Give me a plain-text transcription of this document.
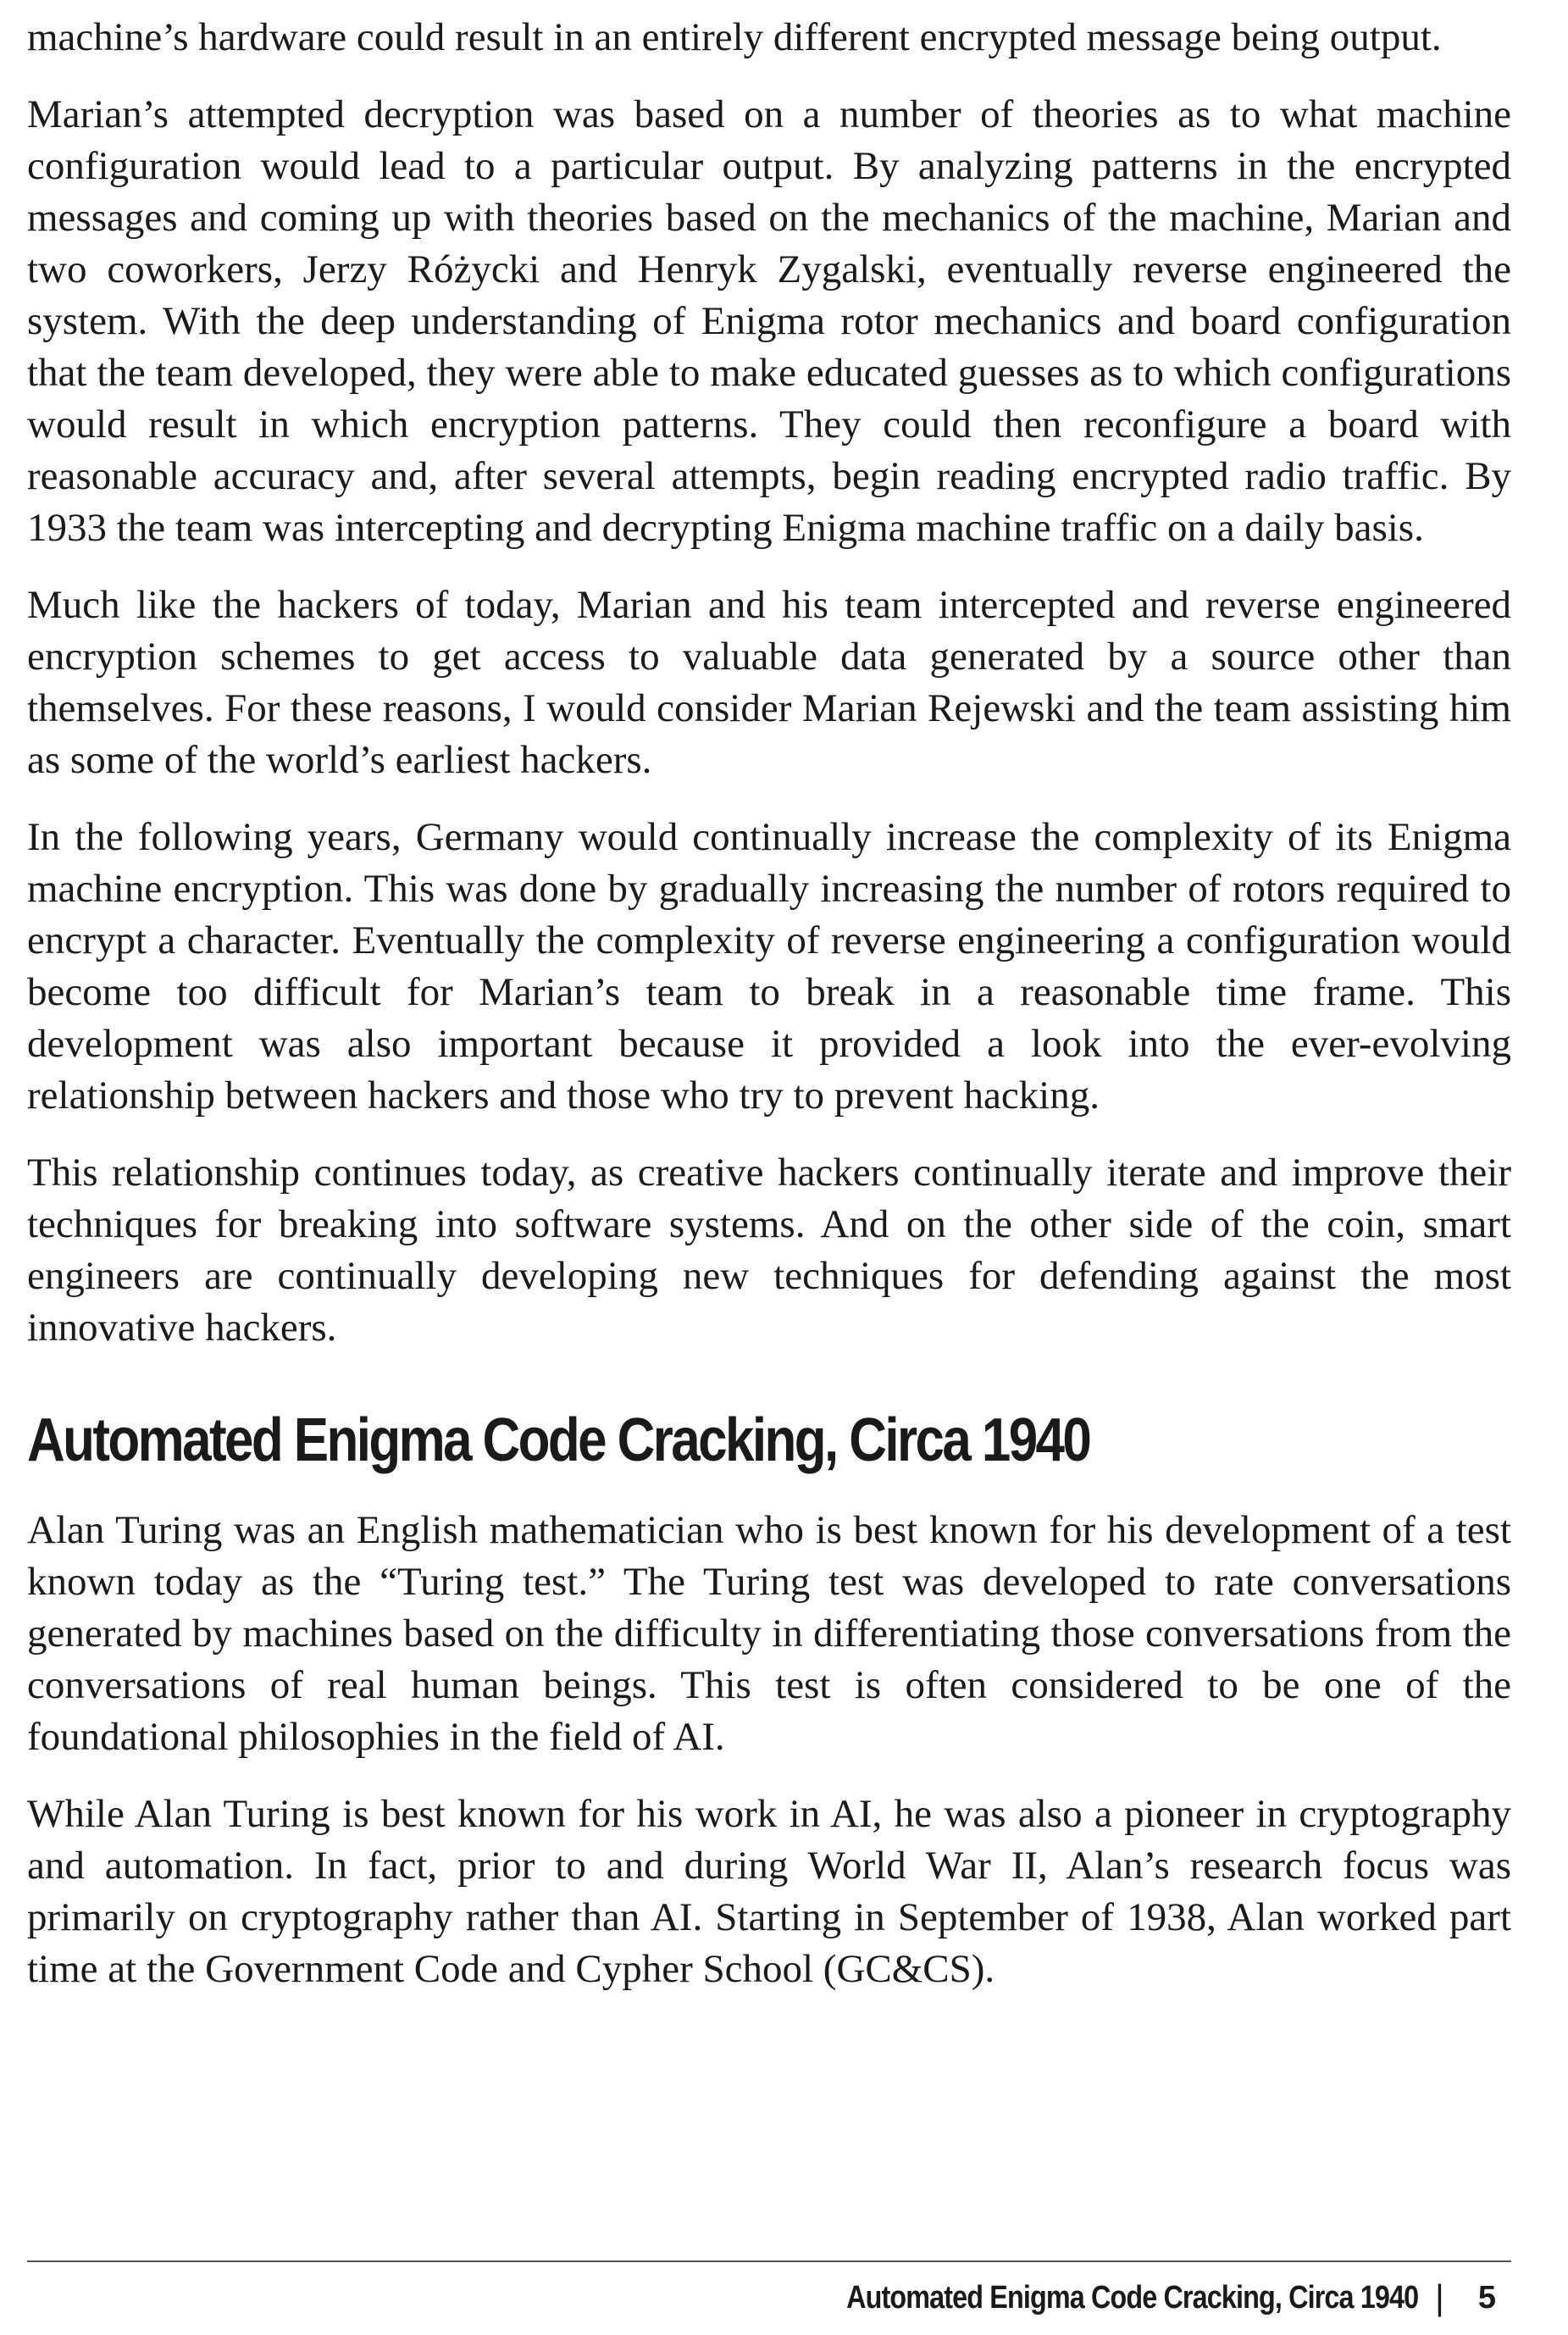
machine’s hardware could result in an entirely different encrypted message being output.

Marian’s attempted decryption was based on a number of theories as to what machine configuration would lead to a particular output. By analyzing patterns in the encrypted messages and coming up with theories based on the mechanics of the machine, Marian and two coworkers, Jerzy Różycki and Henryk Zygalski, eventually reverse engineered the system. With the deep understanding of Enigma rotor mechanics and board configuration that the team developed, they were able to make educated guesses as to which configurations would result in which encryption patterns. They could then reconfigure a board with reasonable accuracy and, after several attempts, begin reading encrypted radio traffic. By 1933 the team was intercepting and decrypting Enigma machine traffic on a daily basis.

Much like the hackers of today, Marian and his team intercepted and reverse engineered encryption schemes to get access to valuable data generated by a source other than themselves. For these reasons, I would consider Marian Rejewski and the team assisting him as some of the world’s earliest hackers.

In the following years, Germany would continually increase the complexity of its Enigma machine encryption. This was done by gradually increasing the number of rotors required to encrypt a character. Eventually the complexity of reverse engineering a configuration would become too difficult for Marian’s team to break in a reasonable time frame. This development was also important because it provided a look into the ever-evolving relationship between hackers and those who try to prevent hacking.

This relationship continues today, as creative hackers continually iterate and improve their techniques for breaking into software systems. And on the other side of the coin, smart engineers are continually developing new techniques for defending against the most innovative hackers.

Automated Enigma Code Cracking, Circa 1940

Alan Turing was an English mathematician who is best known for his development of a test known today as the “Turing test.” The Turing test was developed to rate conversations generated by machines based on the difficulty in differentiating those conversations from the conversations of real human beings. This test is often considered to be one of the foundational philosophies in the field of AI.

While Alan Turing is best known for his work in AI, he was also a pioneer in cryptography and automation. In fact, prior to and during World War II, Alan’s research focus was primarily on cryptography rather than AI. Starting in September of 1938, Alan worked part time at the Government Code and Cypher School (GC&CS).

Automated Enigma Code Cracking, Circa 1940 | 5
